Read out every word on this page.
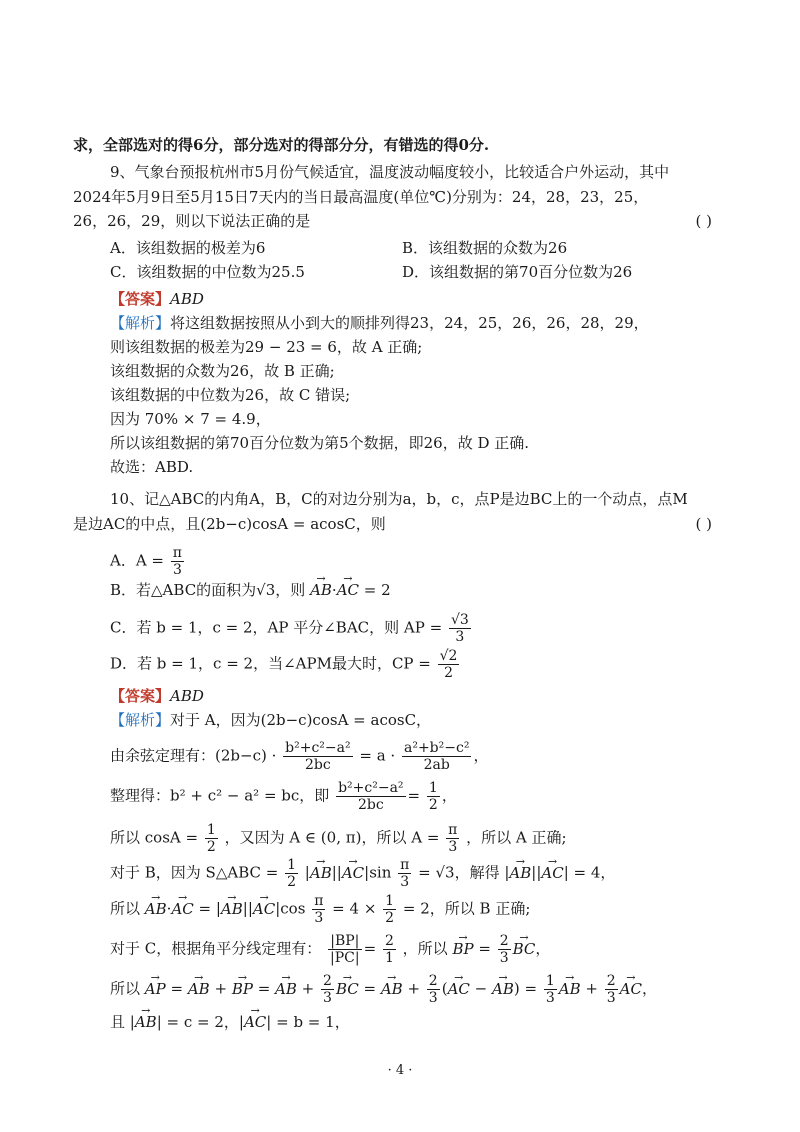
求，全部选对的得6分，部分选对的得部分分，有错选的得0分.
9、气象台预报杭州市5月份气候适宜，温度波动幅度较小，比较适合户外运动，其中
2024年5月9日至5月15日7天内的当日最高温度(单位℃)分别为：24，28，23，25，
26，26，29，则以下说法正确的是	( )
A．该组数据的极差为6	B．该组数据的众数为26
C．该组数据的中位数为25.5	D．该组数据的第70百分位数为26
【答案】ABD
【解析】将这组数据按照从小到大的顺排列得23，24，25，26，26，28，29，
则该组数据的极差为29 − 23 = 6，故 A 正确;
该组数据的众数为26，故 B 正确;
该组数据的中位数为26，故 C 错误;
因为 70% × 7 = 4.9，
所以该组数据的第70百分位数为第5个数据，即26，故 D 正确.
故选：ABD.
10、记△ABC的内角A，B，C的对边分别为a，b，c，点P是边BC上的一个动点，点M
是边AC的中点，且(2b−c)cosA = acosC，则	( )
A．$A = \frac{\pi}{3}$
B．若△ABC的面积为√3，则 → AB·→ AC = 2
C．若 b = 1，c = 2，AP 平分∠BAC，则 AP = $\frac{√3}{3}$
D．若 b = 1，c = 2，当∠APM最大时，CP = $\frac{√2}{2}$
【答案】ABD
【解析】对于 A，因为(2b−c)cosA = acosC，
由余弦定理有：$(2b-c) \cdot \frac{\text{b²+c²−a²}}{2bc} = a \cdot \frac{\text{a²+b²−c²}}{2ab}$ ，
整理得：b² + c² − a² = bc，即 $\frac{\text{b²+c²−a²}}{2bc} = \frac{1}{2}$ ，
所以 $\cos A = \frac{1}{2}$ ，又因为 A ∈ (0, π)，所以 $A = \frac{\pi}{3}$ ，所以 A 正确;
对于 B，因为 S△ABC = $\frac{1}{2}$ |→ $AB||\to AC|\sin \frac{\pi}{3} = √3$，解得 |→ AB||→ AC| = 4，
所以 → AB·→ AC = |→ $AB||\to AC|\cos \frac{\pi}{3} = 4 \times \frac{1}{2} = 2$，所以 B 正确;
对于 C，根据角平分线定理有： $\frac{|BP|}{|PC|} = \frac{2}{1}$ ，所以 → BP = $\frac{2}{3}$ → BC，
所以 → AP = → AB + → BP = → AB + $\frac{2}{3}$ → BC = → AB + $\frac{2}{3}$ (→ AC − → $AB) = \frac{1}{3}$ → AB + $\frac{2}{3}$ → AC，
且 |→ AB| = c = 2，|→ AC| = b = 1，
· 4 ·
